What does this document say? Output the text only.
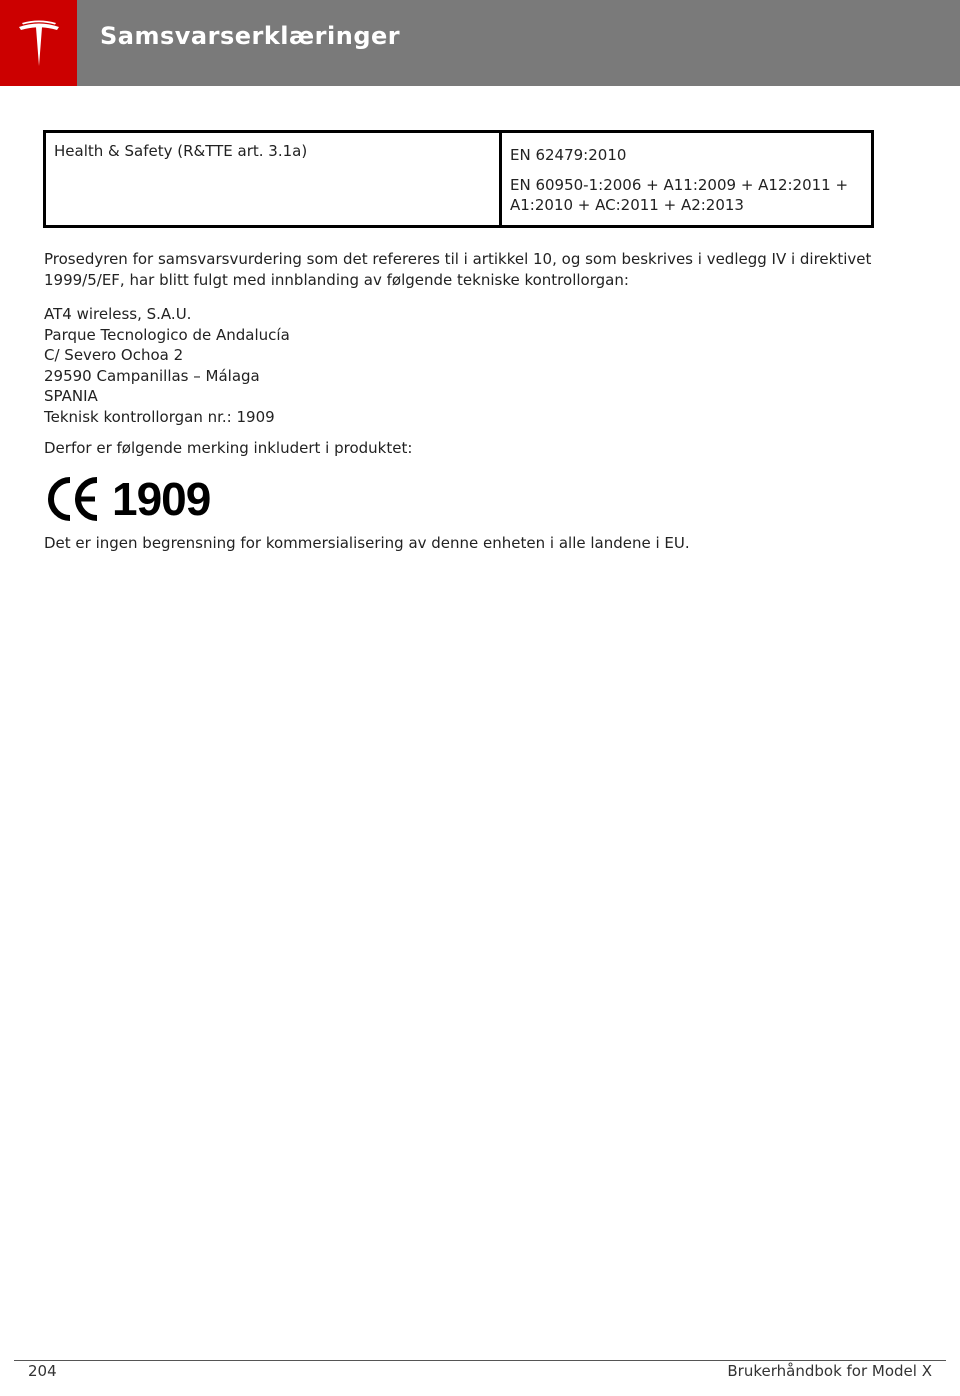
Samsvarserklæringer
Health & Safety (R&TTE art. 3.1a)	EN 62479:2010

EN 60950-1:2006 + A11:2009 + A12:2011 + A1:2010 + AC:2011 + A2:2013

Prosedyren for samsvarsvurdering som det refereres til i artikkel 10, og som beskrives i vedlegg IV i direktivet 1999/5/EF, har blitt fulgt med innblanding av følgende tekniske kontrollorgan:

AT4 wireless, S.A.U.
Parque Tecnologico de Andalucía
C/ Severo Ochoa 2
29590 Campanillas – Málaga
SPANIA
Teknisk kontrollorgan nr.: 1909

Derfor er følgende merking inkludert i produktet:

1909

Det er ingen begrensning for kommersialisering av denne enheten i alle landene i EU.

204	Brukerhåndbok for Model X
